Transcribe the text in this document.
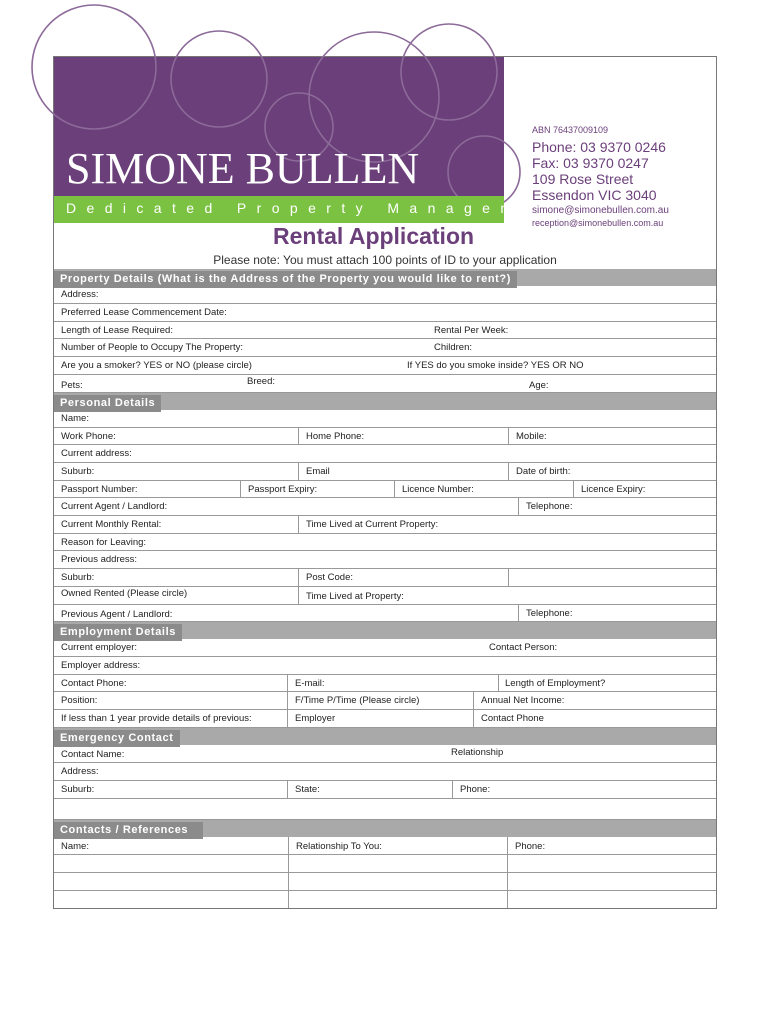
SIMONE BULLEN
Dedicated Property Management
ABN 76437009109
Phone: 03 9370 0246
Fax: 03 9370 0247
109 Rose Street
Essendon VIC 3040
simone@simonebullen.com.au
reception@simonebullen.com.au
Rental Application
Please note: You must attach 100 points of ID to your application
Property Details (What is the Address of the Property you would like to rent?)
Address:
Preferred Lease Commencement Date:
Length of Lease Required:	Rental Per Week:
Number of People to Occupy The Property:	Children:
Are you a smoker? YES or NO (please circle)	If YES do you smoke inside? YES OR NO
Pets:	Breed:	Age:
Personal Details
Name:
Work Phone:	Home Phone:	Mobile:
Current address:
Suburb:	Email	Date of birth:
Passport Number:	Passport Expiry:	Licence Number:	Licence Expiry:
Current Agent / Landlord:	Telephone:
Current Monthly Rental:	Time Lived at Current Property:
Reason for Leaving:
Previous address:
Suburb:	Post Code:
Owned Rented (Please circle)	Time Lived at Property:
Previous Agent / Landlord:	Telephone:
Employment Details
Current employer:	Contact Person:
Employer address:
Contact Phone:	E-mail:	Length of Employment?
Position:	F/Time P/Time (Please circle)	Annual Net Income:
If less than 1 year provide details of previous:	Employer	Contact Phone
Emergency Contact
Contact Name:	Relationship
Address:
Suburb:	State:	Phone:
Contacts / References
Name:	Relationship To You:	Phone:
